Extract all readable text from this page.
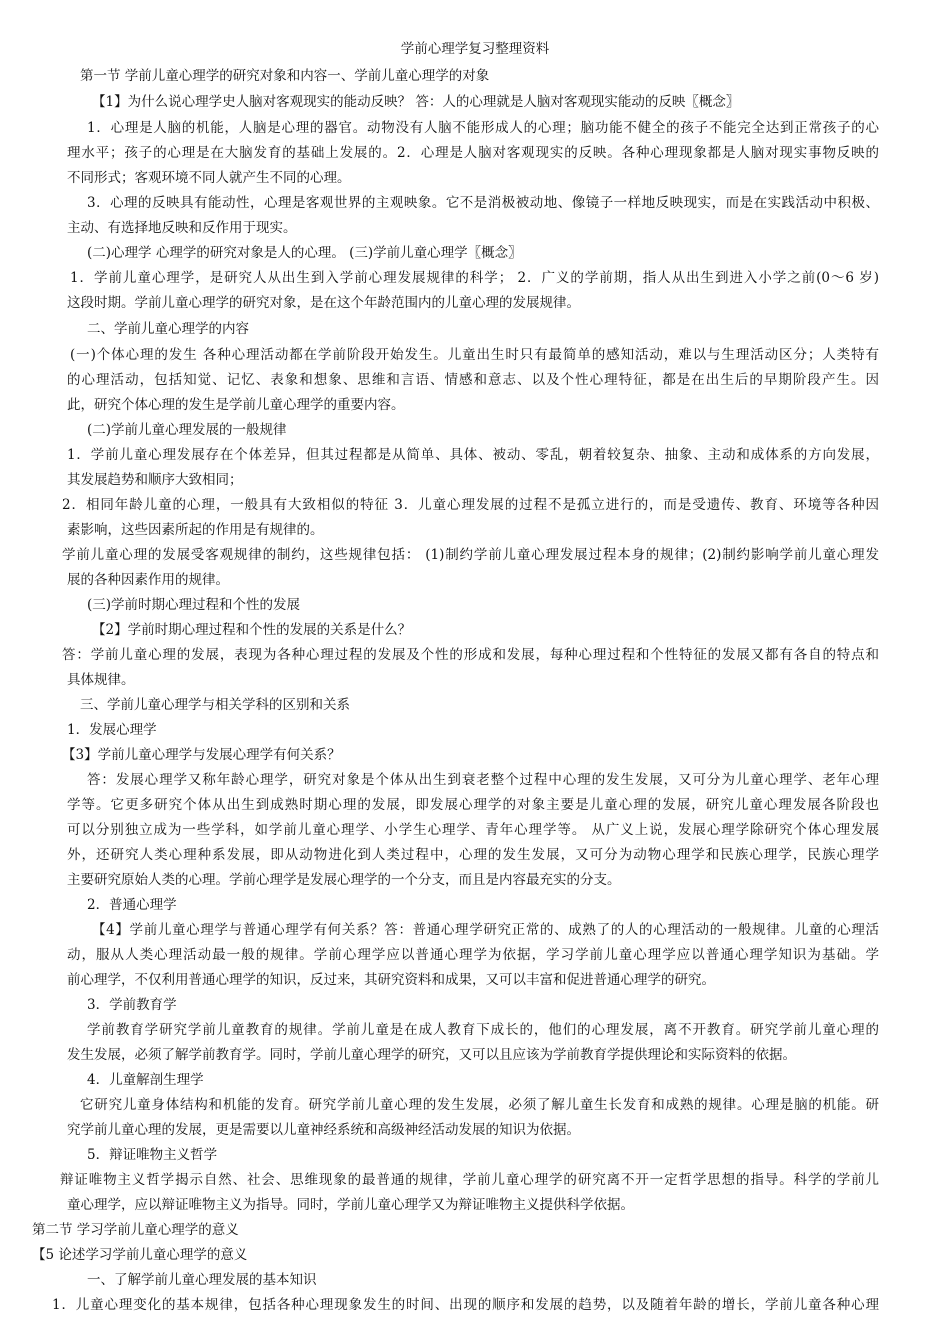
学前心理学复习整理资料
第一节 学前儿童心理学的研究对象和内容一、学前儿童心理学的对象
【1】为什么说心理学史人脑对客观现实的能动反映？ 答：人的心理就是人脑对客观现实能动的反映〖概念〗
1．心理是人脑的机能，人脑是心理的器官。动物没有人脑不能形成人的心理；脑功能不健全的孩子不能完全达到正常孩子的心
理水平；孩子的心理是在大脑发育的基础上发展的。2．心理是人脑对客观现实的反映。各种心理现象都是人脑对现实事物反映的
不同形式；客观环境不同人就产生不同的心理。
3．心理的反映具有能动性，心理是客观世界的主观映象。它不是消极被动地、像镜子一样地反映现实，而是在实践活动中积极、
主动、有选择地反映和反作用于现实。
(二)心理学 心理学的研究对象是人的心理。 (三)学前儿童心理学〖概念〗
1．学前儿童心理学，是研究人从出生到入学前心理发展规律的科学； 2．广义的学前期，指人从出生到进入小学之前(0～6 岁)
这段时期。学前儿童心理学的研究对象，是在这个年龄范围内的儿童心理的发展规律。
二、学前儿童心理学的内容
(一)个体心理的发生 各种心理活动都在学前阶段开始发生。儿童出生时只有最简单的感知活动，难以与生理活动区分；人类特有
的心理活动，包括知觉、记忆、表象和想象、思维和言语、情感和意志、以及个性心理特征，都是在出生后的早期阶段产生。因
此，研究个体心理的发生是学前儿童心理学的重要内容。
(二)学前儿童心理发展的一般规律
1．学前儿童心理发展存在个体差异，但其过程都是从简单、具体、被动、零乱，朝着较复杂、抽象、主动和成体系的方向发展，
其发展趋势和顺序大致相同；
2．相同年龄儿童的心理，一般具有大致相似的特征 3．儿童心理发展的过程不是孤立进行的，而是受遗传、教育、环境等各种因
素影响，这些因素所起的作用是有规律的。
学前儿童心理的发展受客观规律的制约，这些规律包括： (1)制约学前儿童心理发展过程本身的规律；(2)制约影响学前儿童心理发
展的各种因素作用的规律。
(三)学前时期心理过程和个性的发展
【2】学前时期心理过程和个性的发展的关系是什么？
答：学前儿童心理的发展，表现为各种心理过程的发展及个性的形成和发展，每种心理过程和个性特征的发展又都有各自的特点和
具体规律。
三、学前儿童心理学与相关学科的区别和关系
1．发展心理学
【3】学前儿童心理学与发展心理学有何关系？
答：发展心理学又称年龄心理学，研究对象是个体从出生到衰老整个过程中心理的发生发展，又可分为儿童心理学、老年心理
学等。它更多研究个体从出生到成熟时期心理的发展，即发展心理学的对象主要是儿童心理的发展，研究儿童心理发展各阶段也
可以分别独立成为一些学科，如学前儿童心理学、小学生心理学、青年心理学等。 从广义上说，发展心理学除研究个体心理发展
外，还研究人类心理种系发展，即从动物进化到人类过程中，心理的发生发展，又可分为动物心理学和民族心理学，民族心理学
主要研究原始人类的心理。学前心理学是发展心理学的一个分支，而且是内容最充实的分支。
2．普通心理学
【4】学前儿童心理学与普通心理学有何关系？答：普通心理学研究正常的、成熟了的人的心理活动的一般规律。儿童的心理活
动，服从人类心理活动最一般的规律。学前心理学应以普通心理学为依据，学习学前儿童心理学应以普通心理学知识为基础。学
前心理学，不仅利用普通心理学的知识，反过来，其研究资料和成果，又可以丰富和促进普通心理学的研究。
3．学前教育学
学前教育学研究学前儿童教育的规律。学前儿童是在成人教育下成长的，他们的心理发展，离不开教育。研究学前儿童心理的
发生发展，必须了解学前教育学。同时，学前儿童心理学的研究，又可以且应该为学前教育学提供理论和实际资料的依据。
4．儿童解剖生理学
它研究儿童身体结构和机能的发育。研究学前儿童心理的发生发展，必须了解儿童生长发育和成熟的规律。心理是脑的机能。研
究学前儿童心理的发展，更是需要以儿童神经系统和高级神经活动发展的知识为依据。
5．辩证唯物主义哲学
辩证唯物主义哲学揭示自然、社会、思维现象的最普通的规律，学前儿童心理学的研究离不开一定哲学思想的指导。科学的学前儿
童心理学，应以辩证唯物主义为指导。同时，学前儿童心理学又为辩证唯物主义提供科学依据。
第二节 学习学前儿童心理学的意义
【5 论述学习学前儿童心理学的意义
一、了解学前儿童心理发展的基本知识
1．儿童心理变化的基本规律，包括各种心理现象发生的时间、出现的顺序和发展的趋势，以及随着年龄的增长，学前儿童各种心理
